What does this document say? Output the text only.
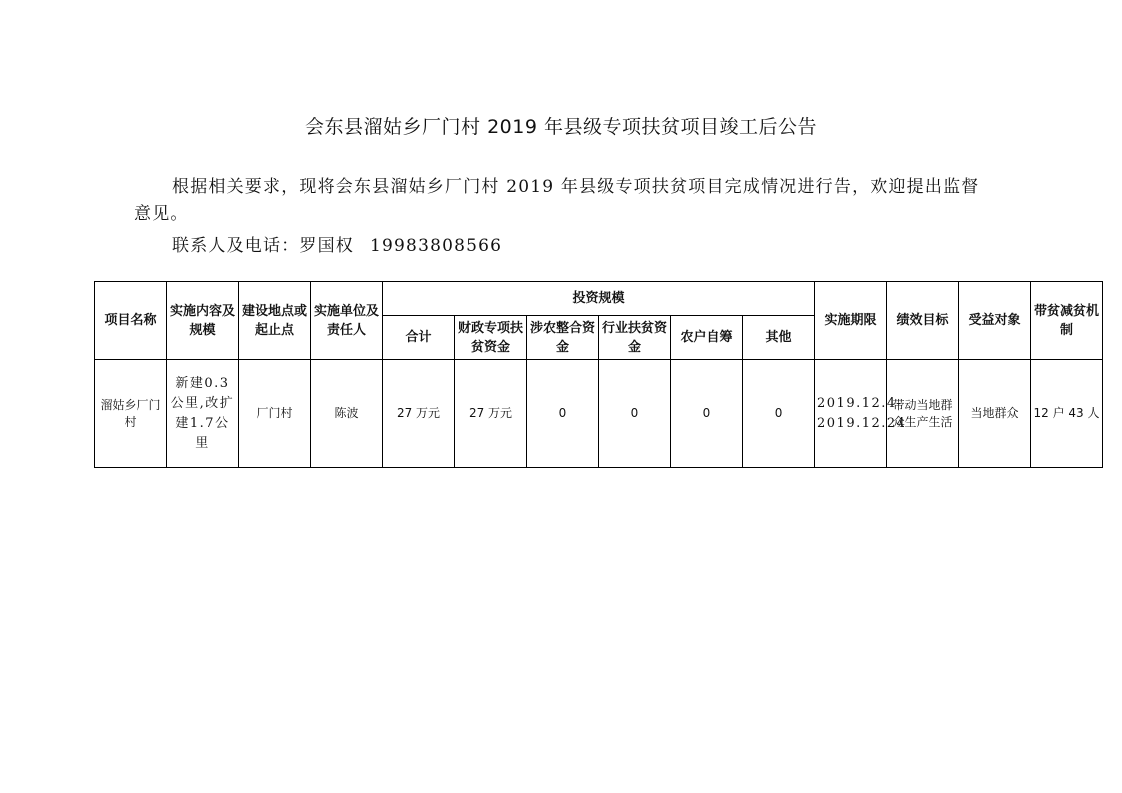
会东县溜姑乡厂门村 2019 年县级专项扶贫项目竣工后公告
根据相关要求，现将会东县溜姑乡厂门村 2019 年县级专项扶贫项目完成情况进行告，欢迎提出监督意见。
联系人及电话：罗国权 19983808566
项目名称	实施内容及规模	建设地点或起止点	实施单位及责任人	投资规模						实施期限	绩效目标	受益对象	带贫减贫机制
				合计	财政专项扶贫资金	涉农整合资金	行业扶贫资金	农户自筹	其他				
溜姑乡厂门村	新建0.3公里,改扩建1.7公里	厂门村	陈波	27 万元	27 万元	0	0	0	0	2019.12.4-2019.12.24	带动当地群众生产生活	当地群众	12 户 43 人
